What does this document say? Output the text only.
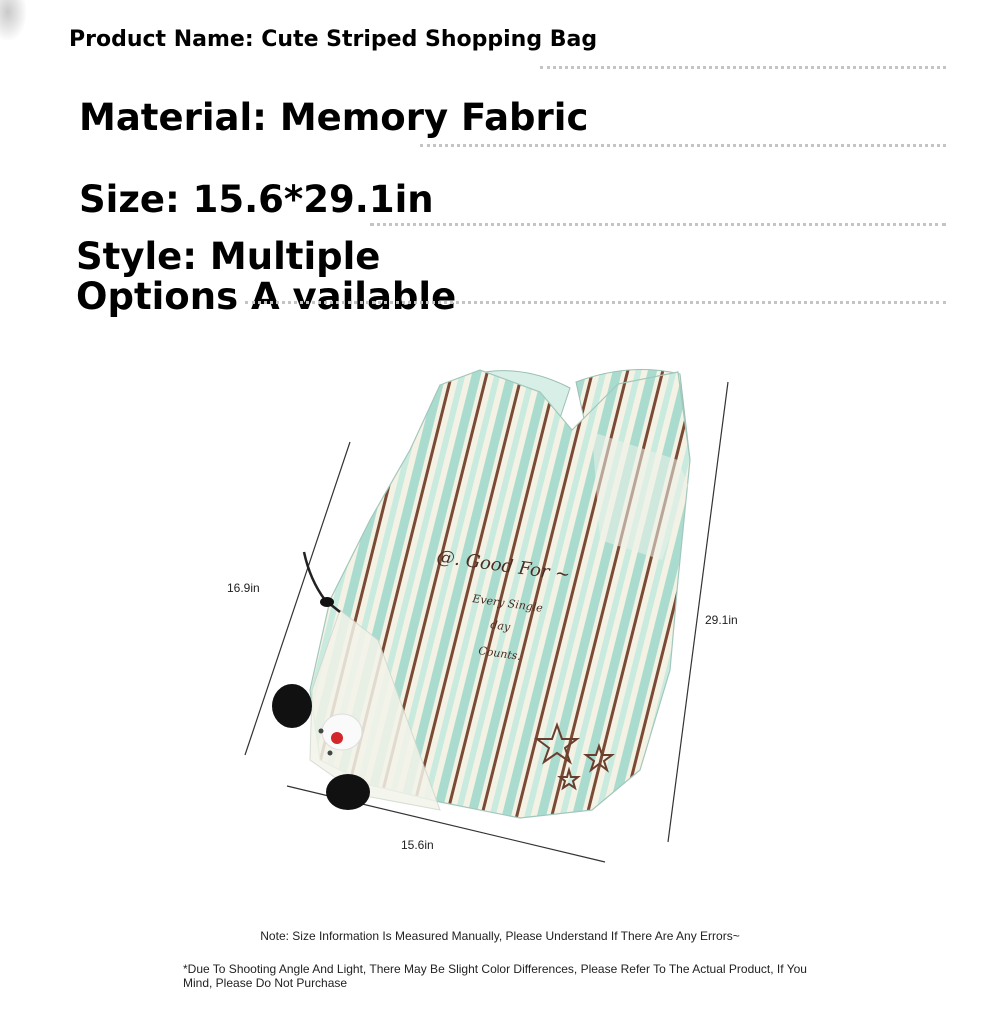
Product Name: Cute Striped Shopping Bag
Material: Memory Fabric
Size: 15.6*29.1in
Style: Multiple Options A vailable
@. Good For ~
Every Single
day
Counts.
16.9in
29.1in
15.6in
Note: Size Information Is Measured Manually, Please Understand If There Are Any Errors~
*Due To Shooting Angle And Light, There May Be Slight Color Differences, Please Refer To The Actual Product, If You Mind, Please Do Not Purchase
